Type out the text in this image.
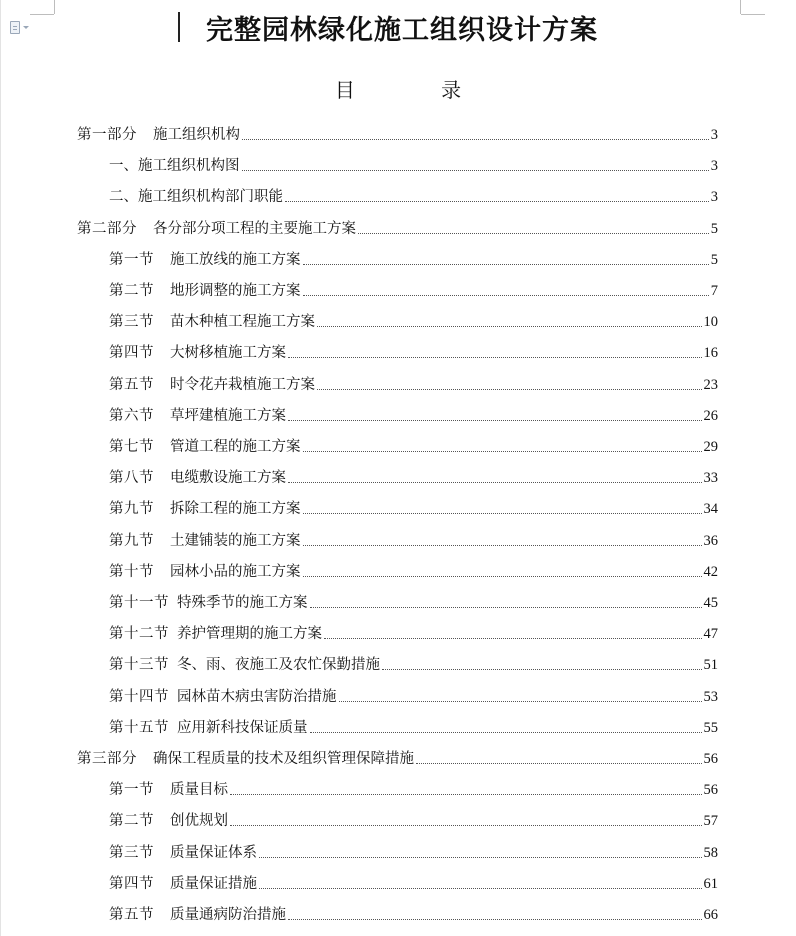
完整园林绿化施工组织设计方案
目 录
第一部分 施工组织机构	3
一、施工组织机构图	3
二、施工组织机构部门职能	3
第二部分 各分部分项工程的主要施工方案	5
第一节 施工放线的施工方案	5
第二节 地形调整的施工方案	7
第三节 苗木种植工程施工方案	10
第四节 大树移植施工方案	16
第五节 时令花卉栽植施工方案	23
第六节 草坪建植施工方案	26
第七节 管道工程的施工方案	29
第八节 电缆敷设施工方案	33
第九节 拆除工程的施工方案	34
第九节 土建铺装的施工方案	36
第十节 园林小品的施工方案	42
第十一节 特殊季节的施工方案	45
第十二节 养护管理期的施工方案	47
第十三节 冬、雨、夜施工及农忙保勤措施	51
第十四节 园林苗木病虫害防治措施	53
第十五节 应用新科技保证质量	55
第三部分 确保工程质量的技术及组织管理保障措施	56
第一节 质量目标	56
第二节 创优规划	57
第三节 质量保证体系	58
第四节 质量保证措施	61
第五节 质量通病防治措施	66
